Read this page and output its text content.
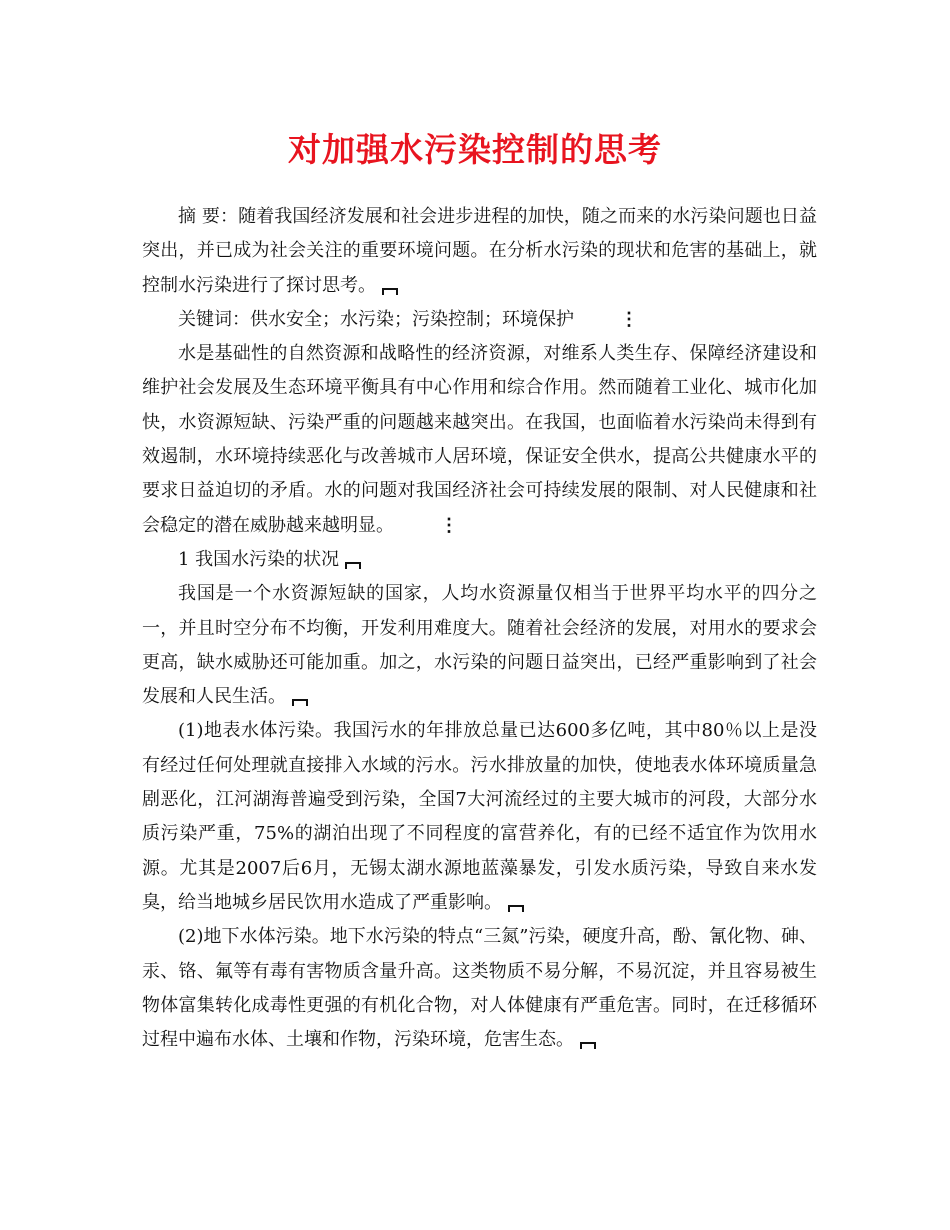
对加强水污染控制的思考

摘 要：随着我国经济发展和社会进步进程的加快，随之而来的水污染问题也日益突出，并已成为社会关注的重要环境问题。在分析水污染的现状和危害的基础上，就控制水污染进行了探讨思考。

关键词：供水安全；水污染；污染控制；环境保护	⋮

水是基础性的自然资源和战略性的经济资源，对维系人类生存、保障经济建设和维护社会发展及生态环境平衡具有中心作用和综合作用。然而随着工业化、城市化加快，水资源短缺、污染严重的问题越来越突出。在我国，也面临着水污染尚未得到有效遏制，水环境持续恶化与改善城市人居环境，保证安全供水，提高公共健康水平的要求日益迫切的矛盾。水的问题对我国经济社会可持续发展的限制、对人民健康和社会稳定的潜在威胁越来越明显。	⋮

1 我国水污染的状况

我国是一个水资源短缺的国家，人均水资源量仅相当于世界平均水平的四分之一，并且时空分布不均衡，开发利用难度大。随着社会经济的发展，对用水的要求会更高，缺水威胁还可能加重。加之，水污染的问题日益突出，已经严重影响到了社会发展和人民生活。

(1)地表水体污染。我国污水的年排放总量已达600多亿吨，其中80％以上是没有经过任何处理就直接排入水域的污水。污水排放量的加快，使地表水体环境质量急剧恶化，江河湖海普遍受到污染，全国7大河流经过的主要大城市的河段，大部分水质污染严重，75%的湖泊出现了不同程度的富营养化，有的已经不适宜作为饮用水源。尤其是2007后6月，无锡太湖水源地蓝藻暴发，引发水质污染，导致自来水发臭，给当地城乡居民饮用水造成了严重影响。

(2)地下水体污染。地下水污染的特点“三氮”污染，硬度升高，酚、氰化物、砷、汞、铬、氟等有毒有害物质含量升高。这类物质不易分解，不易沉淀，并且容易被生物体富集转化成毒性更强的有机化合物，对人体健康有严重危害。同时，在迁移循环过程中遍布水体、土壤和作物，污染环境，危害生态。
